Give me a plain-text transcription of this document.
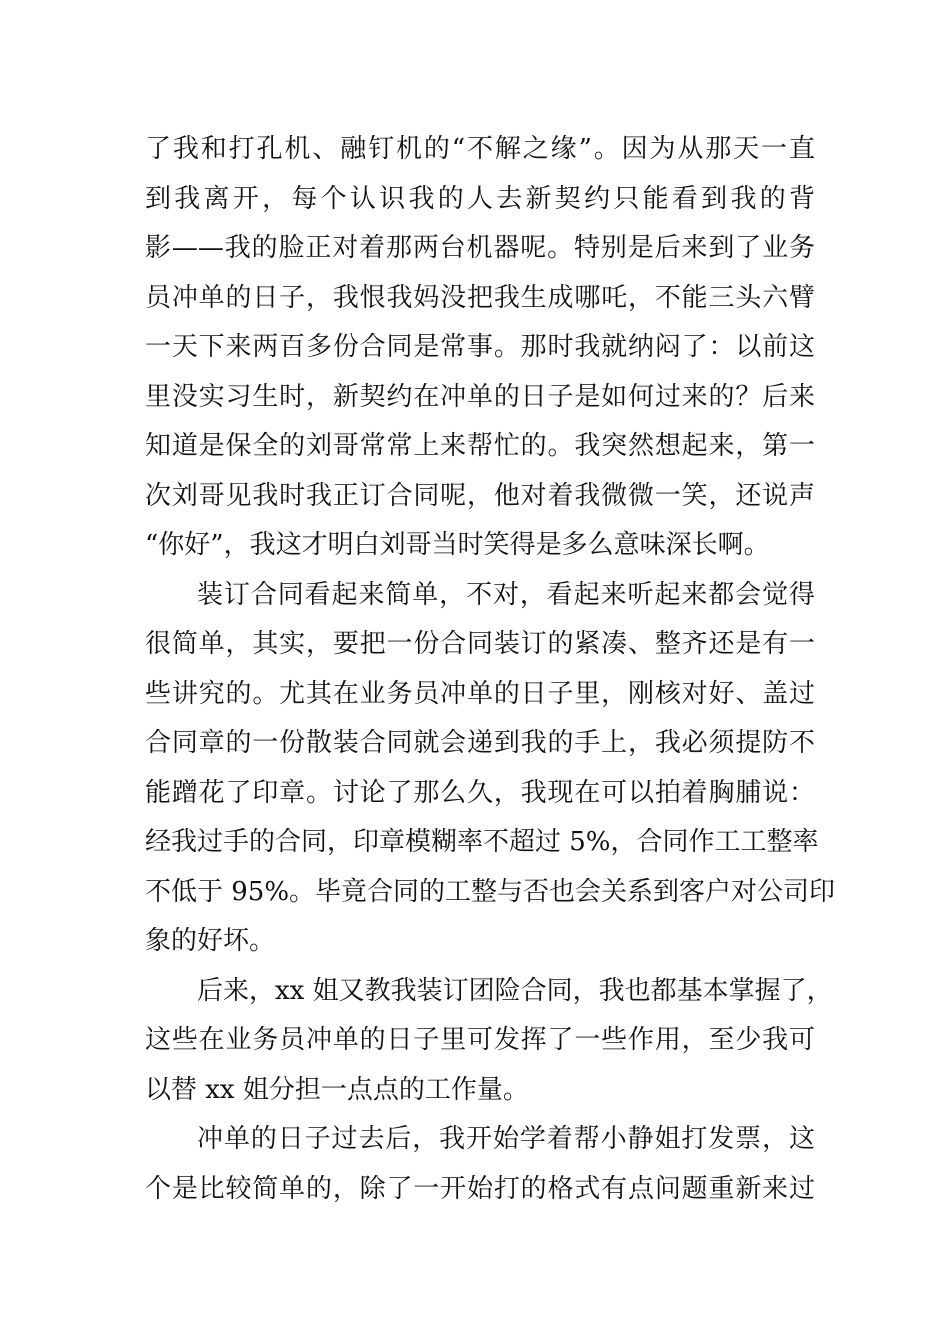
了我和打孔机、融钉机的“不解之缘”。因为从那天一直
到我离开，每个认识我的人去新契约只能看到我的背
影——我的脸正对着那两台机器呢。特别是后来到了业务
员冲单的日子，我恨我妈没把我生成哪吒，不能三头六臂
一天下来两百多份合同是常事。那时我就纳闷了：以前这
里没实习生时，新契约在冲单的日子是如何过来的？后来
知道是保全的刘哥常常上来帮忙的。我突然想起来，第一
次刘哥见我时我正订合同呢，他对着我微微一笑，还说声
“你好”，我这才明白刘哥当时笑得是多么意味深长啊。
装订合同看起来简单，不对，看起来听起来都会觉得
很简单，其实，要把一份合同装订的紧凑、整齐还是有一
些讲究的。尤其在业务员冲单的日子里，刚核对好、盖过
合同章的一份散装合同就会递到我的手上，我必须提防不
能蹭花了印章。讨论了那么久，我现在可以拍着胸脯说：
经我过手的合同，印章模糊率不超过 5%，合同作工工整率
不低于 95%。毕竟合同的工整与否也会关系到客户对公司印
象的好坏。
后来，xx 姐又教我装订团险合同，我也都基本掌握了，
这些在业务员冲单的日子里可发挥了一些作用，至少我可
以替 xx 姐分担一点点的工作量。
冲单的日子过去后，我开始学着帮小静姐打发票，这
个是比较简单的，除了一开始打的格式有点问题重新来过
